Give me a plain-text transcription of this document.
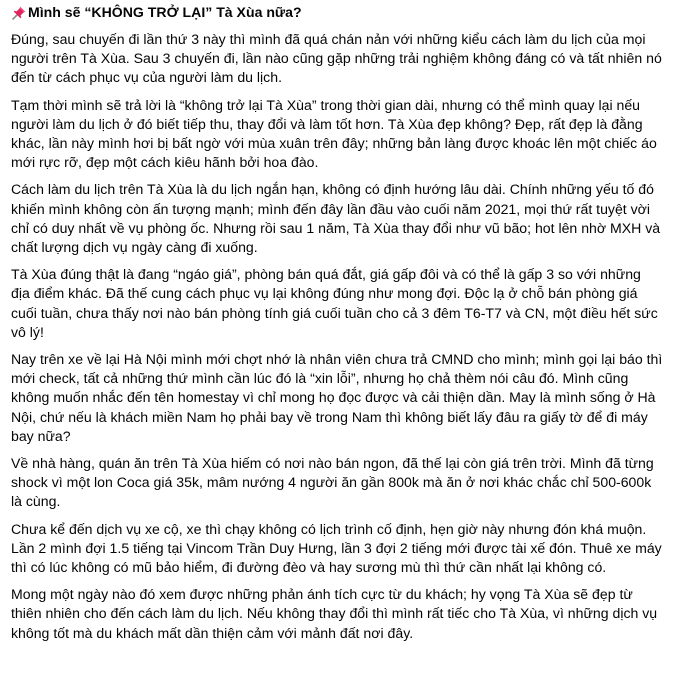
Mình sẽ “KHÔNG TRỞ LẠI” Tà Xùa nữa?

Đúng, sau chuyến đi lần thứ 3 này thì mình đã quá chán nản với những kiểu cách làm du lịch của mọi người trên Tà Xùa. Sau 3 chuyến đi, lần nào cũng gặp những trải nghiệm không đáng có và tất nhiên nó đến từ cách phục vụ của người làm du lịch.

Tạm thời mình sẽ trả lời là “không trở lại Tà Xùa” trong thời gian dài, nhưng có thể mình quay lại nếu người làm du lịch ở đó biết tiếp thu, thay đổi và làm tốt hơn. Tà Xùa đẹp không? Đẹp, rất đẹp là đằng khác, lần này mình hơi bị bất ngờ với mùa xuân trên đây; những bản làng được khoác lên một chiếc áo mới rực rỡ, đẹp một cách kiêu hãnh bởi hoa đào.

Cách làm du lịch trên Tà Xùa là du lịch ngắn hạn, không có định hướng lâu dài. Chính những yếu tố đó khiến mình không còn ấn tượng mạnh; mình đến đây lần đầu vào cuối năm 2021, mọi thứ rất tuyệt vời chỉ có duy nhất về vụ phòng ốc. Nhưng rồi sau 1 năm, Tà Xùa thay đổi như vũ bão; hot lên nhờ MXH và chất lượng dịch vụ ngày càng đi xuống.

Tà Xùa đúng thật là đang “ngáo giá”, phòng bán quá đắt, giá gấp đôi và có thể là gấp 3 so với những địa điểm khác. Đã thế cung cách phục vụ lại không đúng như mong đợi. Độc lạ ở chỗ bán phòng giá cuối tuần, chưa thấy nơi nào bán phòng tính giá cuối tuần cho cả 3 đêm T6-T7 và CN, một điều hết sức vô lý!

Nay trên xe về lại Hà Nội mình mới chợt nhớ là nhân viên chưa trả CMND cho mình; mình gọi lại báo thì mới check, tất cả những thứ mình cần lúc đó là “xin lỗi”, nhưng họ chả thèm nói câu đó. Mình cũng không muốn nhắc đến tên homestay vì chỉ mong họ đọc được và cải thiện dần. May là mình sống ở Hà Nội, chứ nếu là khách miền Nam họ phải bay về trong Nam thì không biết lấy đâu ra giấy tờ để đi máy bay nữa?

Về nhà hàng, quán ăn trên Tà Xùa hiếm có nơi nào bán ngon, đã thế lại còn giá trên trời. Mình đã từng shock vì một lon Coca giá 35k, mâm nướng 4 người ăn gần 800k mà ăn ở nơi khác chắc chỉ 500-600k là cùng.

Chưa kể đến dịch vụ xe cộ, xe thì chạy không có lịch trình cố định, hẹn giờ này nhưng đón khá muộn. Lần 2 mình đợi 1.5 tiếng tại Vincom Trần Duy Hưng, lần 3 đợi 2 tiếng mới được tài xế đón. Thuê xe máy thì có lúc không có mũ bảo hiểm, đi đường đèo và hay sương mù thì thứ cần nhất lại không có.

Mong một ngày nào đó xem được những phản ánh tích cực từ du khách; hy vọng Tà Xùa sẽ đẹp từ thiên nhiên cho đến cách làm du lịch. Nếu không thay đổi thì mình rất tiếc cho Tà Xùa, vì những dịch vụ không tốt mà du khách mất dần thiện cảm với mảnh đất nơi đây.
